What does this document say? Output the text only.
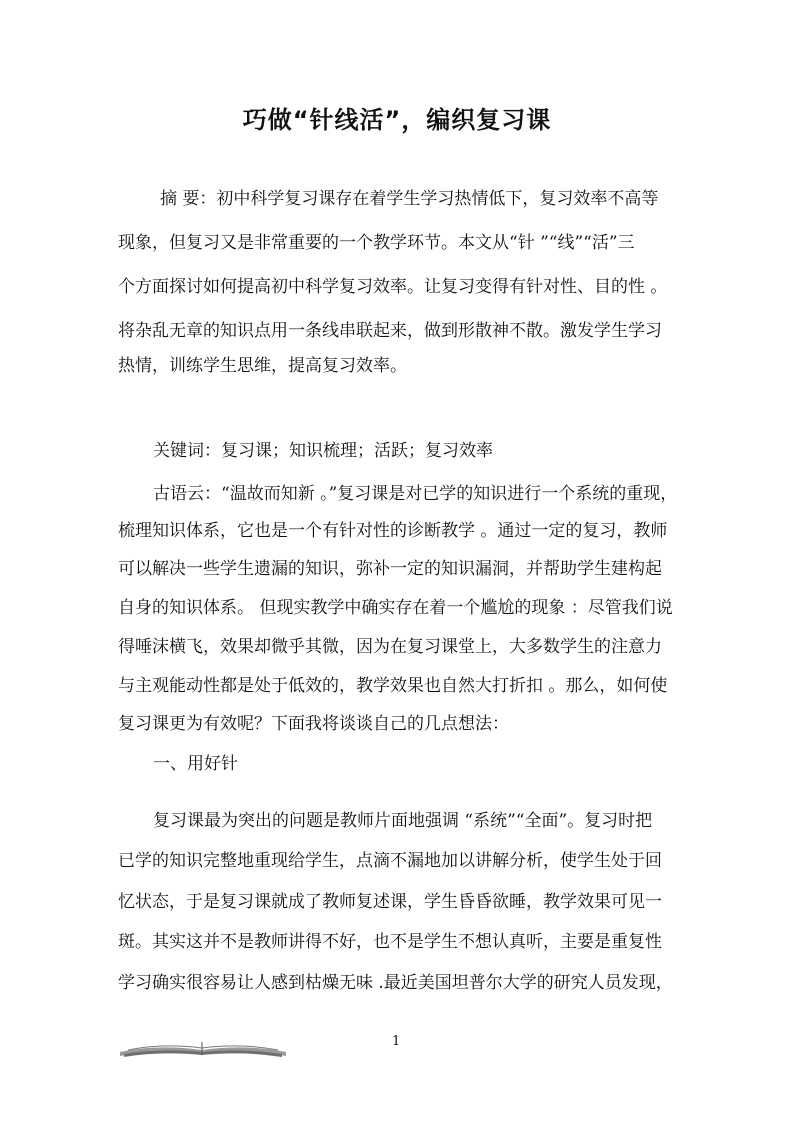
巧做“针线活”，编织复习课
摘 要：初中科学复习课存在着学生学习热情低下，复习效率不高等
现象，但复习又是非常重要的一个教学环节。本文从“针 ”“线”“活”三
个方面探讨如何提高初中科学复习效率。让复习变得有针对性、目的性 。
将杂乱无章的知识点用一条线串联起来，做到形散神不散。激发学生学习
热情，训练学生思维，提高复习效率。
关键词：复习课；知识梳理；活跃；复习效率
古语云：“温故而知新 。”复习课是对已学的知识进行一个系统的重现，
梳理知识体系，它也是一个有针对性的诊断教学 。通过一定的复习，教师
可以解决一些学生遗漏的知识，弥补一定的知识漏洞，并帮助学生建构起
自身的知识体系。 但现实教学中确实存在着一个尴尬的现象 ：尽管我们说
得唾沫横飞，效果却微乎其微，因为在复习课堂上，大多数学生的注意力
与主观能动性都是处于低效的，教学效果也自然大打折扣 。那么，如何使
复习课更为有效呢？下面我将谈谈自己的几点想法：
一、用好针
复习课最为突出的问题是教师片面地强调 “系统”“全面”。复习时把
已学的知识完整地重现给学生，点滴不漏地加以讲解分析，使学生处于回
忆状态，于是复习课就成了教师复述课，学生昏昏欲睡，教学效果可见一
斑。其实这并不是教师讲得不好，也不是学生不想认真听，主要是重复性
学习确实很容易让人感到枯燥无味 .最近美国坦普尔大学的研究人员发现，
1
